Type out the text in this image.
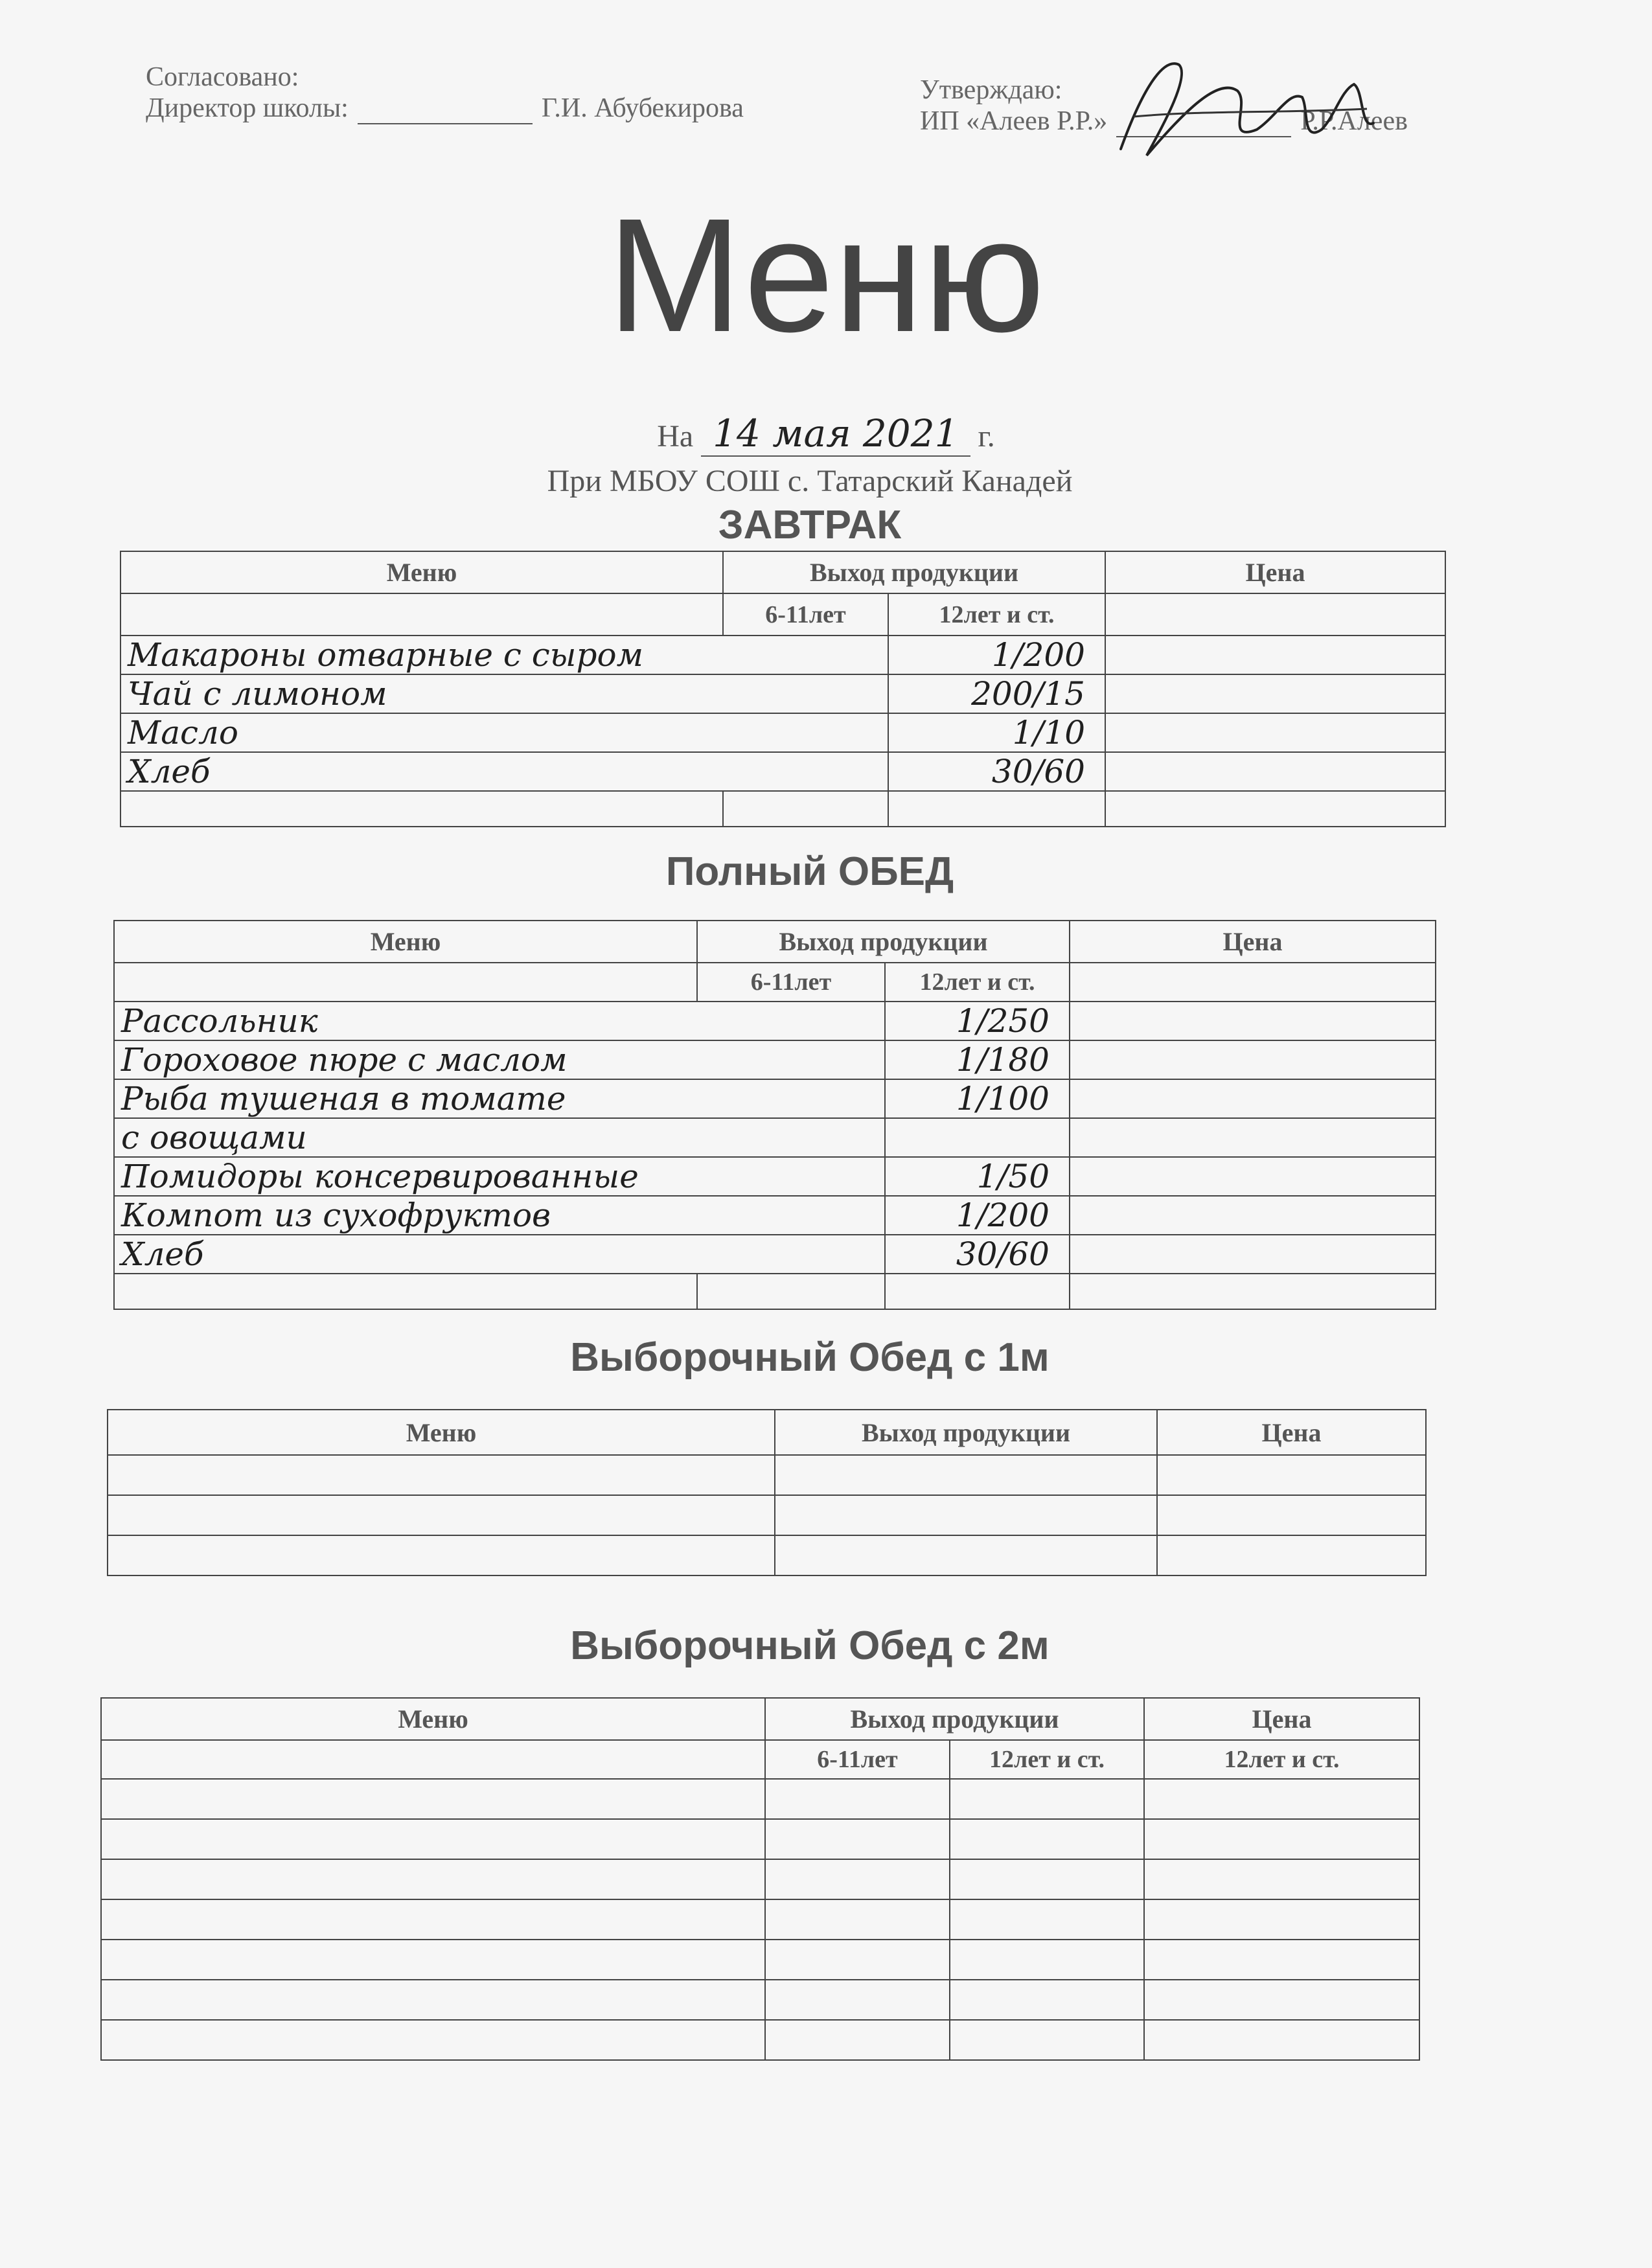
Согласовано:
Директор школы:	Г.И. Абубекирова
Утверждаю:
ИП «Алеев Р.Р.»	Р.Р.Алеев
Меню
На 14 мая 2021 г.
При МБОУ СОШ с. Татарский Канадей
ЗАВТРАК
Меню	Выход продукции		Цена
	6-11лет	12лет и ст.	
Макароны отварные с сыром		1/200	
Чай с лимоном		200/15	
Масло		1/10	
Хлеб		30/60	

Полный ОБЕД
Меню	Выход продукции		Цена
	6-11лет	12лет и ст.	
Рассольник		1/250	
Гороховое пюре с маслом		1/180	
Рыба тушеная в томате		1/100	
с овощами			
Помидоры консервированные		1/50	
Компот из сухофруктов		1/200	
Хлеб		30/60	

Выборочный Обед с 1м
Меню	Выход продукции	Цена

Выборочный Обед с 2м
Меню	Выход продукции		Цена
	6-11лет	12лет и ст.	12лет и ст.
